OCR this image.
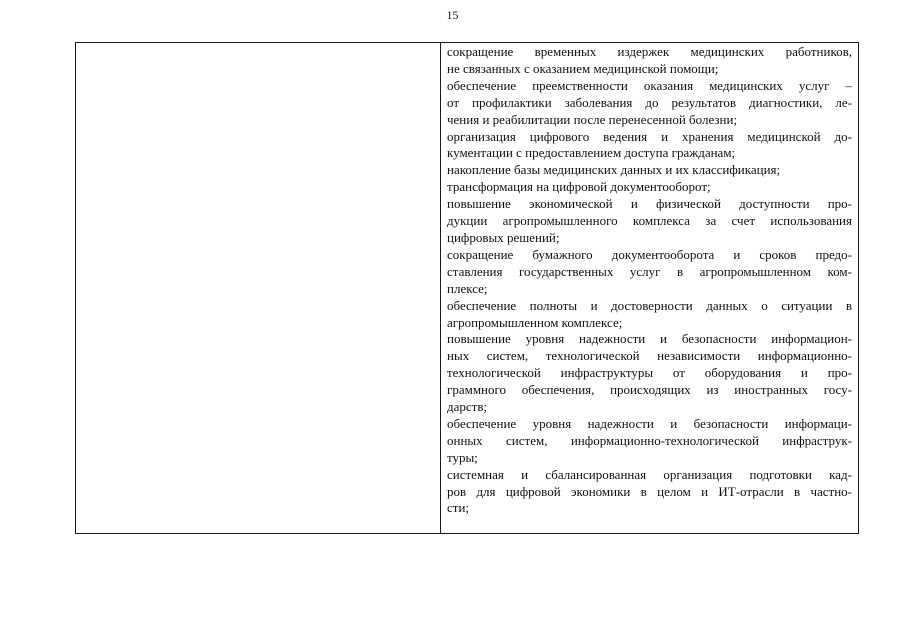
15
сокращение временных издержек медицинских работников,
не связанных с оказанием медицинской помощи;
обеспечение преемственности оказания медицинских услуг –
от профилактики заболевания до результатов диагностики, ле-
чения и реабилитации после перенесенной болезни;
организация цифрового ведения и хранения медицинской до-
кументации с предоставлением доступа гражданам;
накопление базы медицинских данных и их классификация;
трансформация на цифровой документооборот;
повышение экономической и физической доступности про-
дукции агропромышленного комплекса за счет использования
цифровых решений;
сокращение бумажного документооборота и сроков предо-
ставления государственных услуг в агропромышленном ком-
плексе;
обеспечение полноты и достоверности данных о ситуации в
агропромышленном комплексе;
повышение уровня надежности и безопасности информацион-
ных систем, технологической независимости информационно-
технологической инфраструктуры от оборудования и про-
граммного обеспечения, происходящих из иностранных госу-
дарств;
обеспечение уровня надежности и безопасности информаци-
онных систем, информационно-технологической инфраструк-
туры;
системная и сбалансированная организация подготовки кад-
ров для цифровой экономики в целом и ИТ-отрасли в частно-
сти;
